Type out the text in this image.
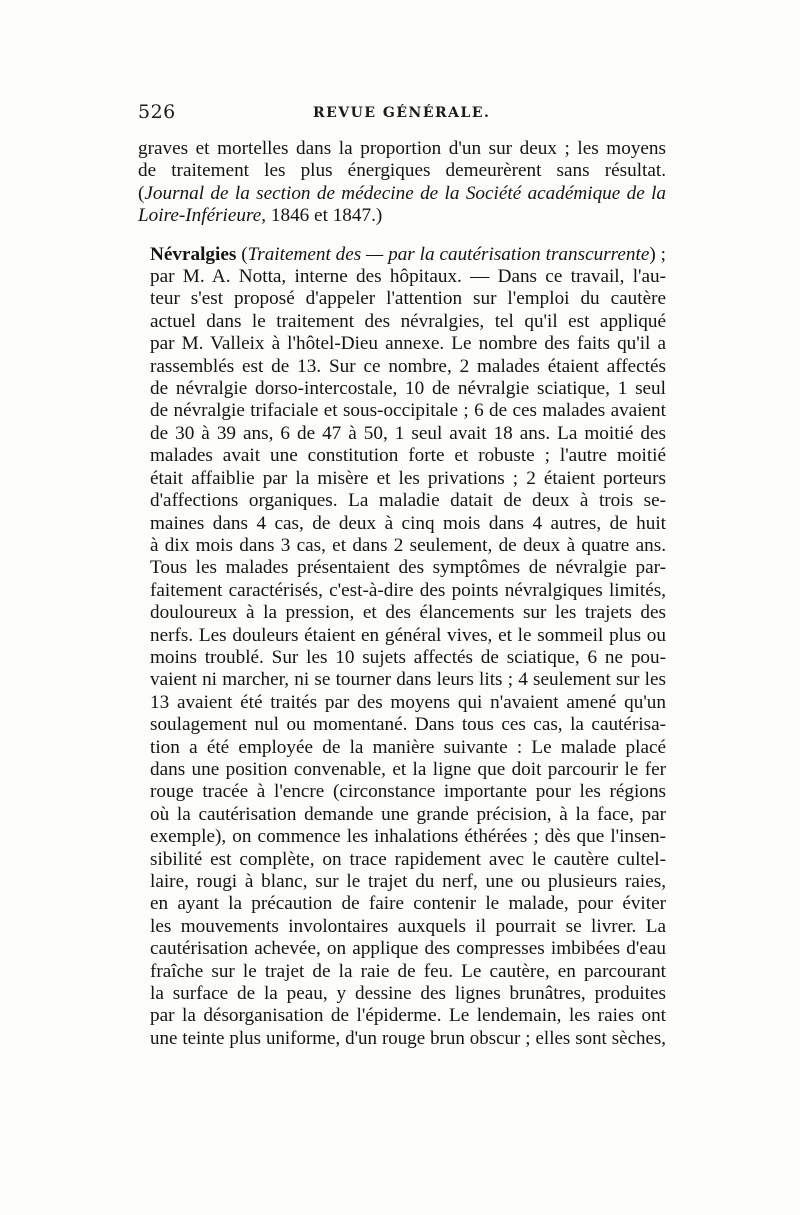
526	REVUE GÉNÉRALE.

graves et mortelles dans la proportion d'un sur deux ; les moyens
de traitement les plus énergiques demeurèrent sans résultat.
(Journal de la section de médecine de la Société académique de la
Loire-Inférieure, 1846 et 1847.)

Névralgies (Traitement des — par la cautérisation transcurrente) ;
par M. A. Notta, interne des hôpitaux. — Dans ce travail, l'au-
teur s'est proposé d'appeler l'attention sur l'emploi du cautère
actuel dans le traitement des névralgies, tel qu'il est appliqué
par M. Valleix à l'hôtel-Dieu annexe. Le nombre des faits qu'il a
rassemblés est de 13. Sur ce nombre, 2 malades étaient affectés
de névralgie dorso-intercostale, 10 de névralgie sciatique, 1 seul
de névralgie trifaciale et sous-occipitale ; 6 de ces malades avaient
de 30 à 39 ans, 6 de 47 à 50, 1 seul avait 18 ans. La moitié des
malades avait une constitution forte et robuste ; l'autre moitié
était affaiblie par la misère et les privations ; 2 étaient porteurs
d'affections organiques. La maladie datait de deux à trois se-
maines dans 4 cas, de deux à cinq mois dans 4 autres, de huit
à dix mois dans 3 cas, et dans 2 seulement, de deux à quatre ans.
Tous les malades présentaient des symptômes de névralgie par-
faitement caractérisés, c'est-à-dire des points névralgiques limités,
douloureux à la pression, et des élancements sur les trajets des
nerfs. Les douleurs étaient en général vives, et le sommeil plus ou
moins troublé. Sur les 10 sujets affectés de sciatique, 6 ne pou-
vaient ni marcher, ni se tourner dans leurs lits ; 4 seulement sur les
13 avaient été traités par des moyens qui n'avaient amené qu'un
soulagement nul ou momentané. Dans tous ces cas, la cautérisa-
tion a été employée de la manière suivante : Le malade placé
dans une position convenable, et la ligne que doit parcourir le fer
rouge tracée à l'encre (circonstance importante pour les régions
où la cautérisation demande une grande précision, à la face, par
exemple), on commence les inhalations éthérées ; dès que l'insen-
sibilité est complète, on trace rapidement avec le cautère cultel-
laire, rougi à blanc, sur le trajet du nerf, une ou plusieurs raies,
en ayant la précaution de faire contenir le malade, pour éviter
les mouvements involontaires auxquels il pourrait se livrer. La
cautérisation achevée, on applique des compresses imbibées d'eau
fraîche sur le trajet de la raie de feu. Le cautère, en parcourant
la surface de la peau, y dessine des lignes brunâtres, produites
par la désorganisation de l'épiderme. Le lendemain, les raies ont
une teinte plus uniforme, d'un rouge brun obscur ; elles sont sèches,
